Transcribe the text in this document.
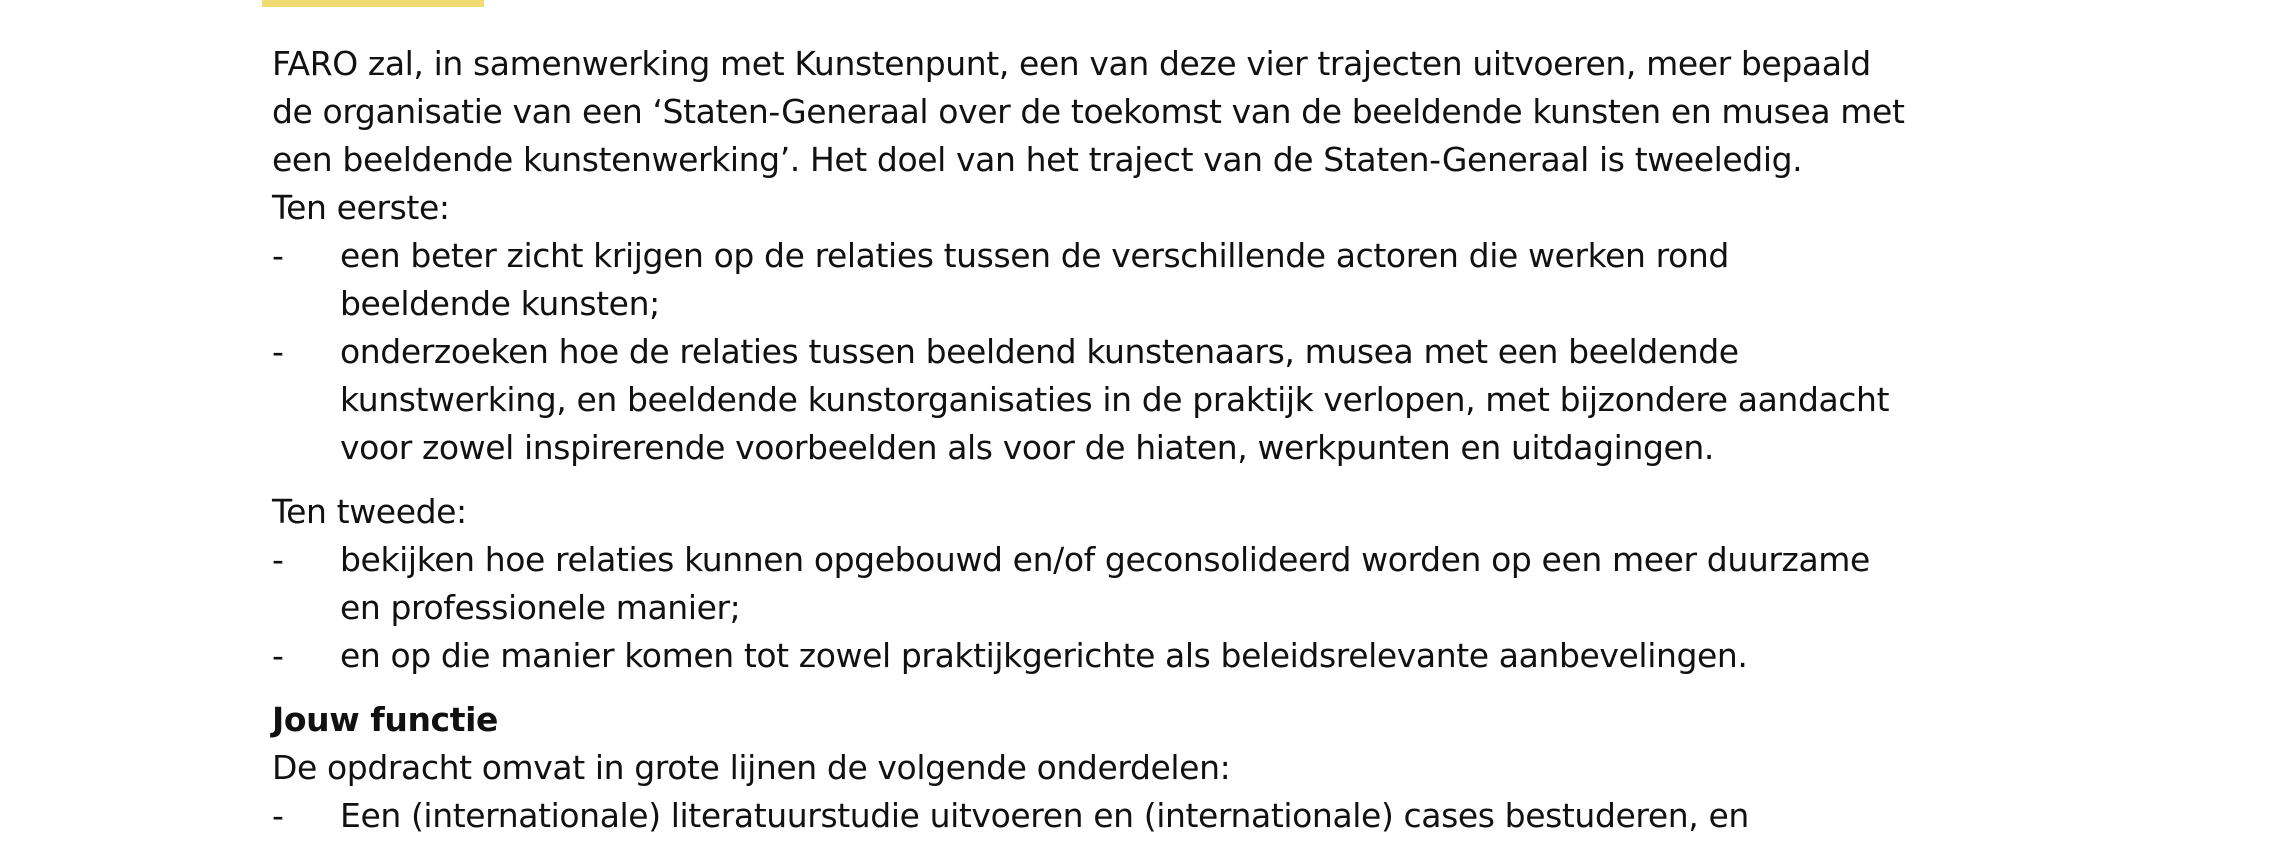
FARO zal, in samenwerking met Kunstenpunt, een van deze vier trajecten uitvoeren, meer bepaald
de organisatie van een ‘Staten-Generaal over de toekomst van de beeldende kunsten en musea met
een beeldende kunstenwerking’. Het doel van het traject van de Staten-Generaal is tweeledig.

Ten eerste:

- een beter zicht krijgen op de relaties tussen de verschillende actoren die werken rond
beeldende kunsten;
- onderzoeken hoe de relaties tussen beeldend kunstenaars, musea met een beeldende
kunstwerking, en beeldende kunstorganisaties in de praktijk verlopen, met bijzondere aandacht
voor zowel inspirerende voorbeelden als voor de hiaten, werkpunten en uitdagingen.

Ten tweede:

- bekijken hoe relaties kunnen opgebouwd en/of geconsolideerd worden op een meer duurzame
en professionele manier;
- en op die manier komen tot zowel praktijkgerichte als beleidsrelevante aanbevelingen.

Jouw functie

De opdracht omvat in grote lijnen de volgende onderdelen:

- Een (internationale) literatuurstudie uitvoeren en (internationale) cases bestuderen, en
